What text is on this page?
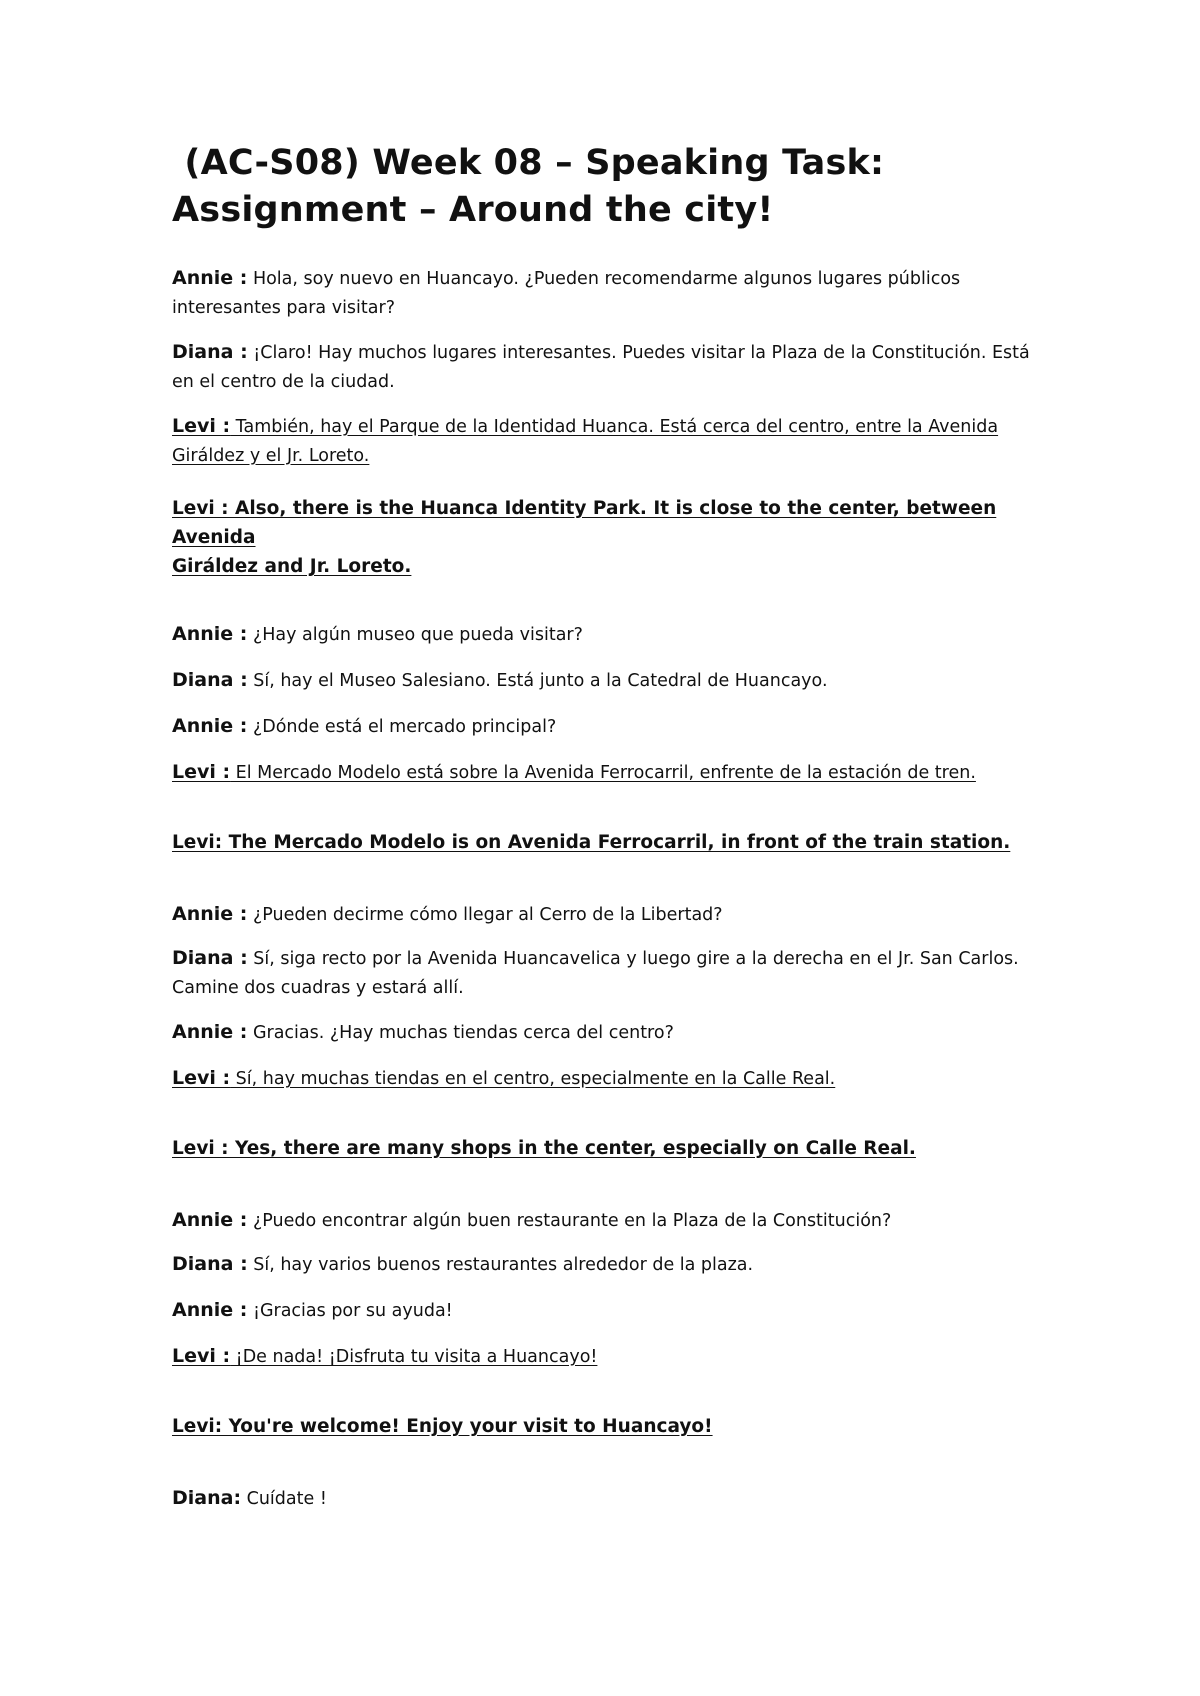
(AC-S08) Week 08 – Speaking Task:
Assignment – Around the city!
Annie : Hola, soy nuevo en Huancayo. ¿Pueden recomendarme algunos lugares públicos interesantes para visitar?
Diana : ¡Claro! Hay muchos lugares interesantes. Puedes visitar la Plaza de la Constitución. Está en el centro de la ciudad.
Levi : También, hay el Parque de la Identidad Huanca. Está cerca del centro, entre la Avenida Giráldez y el Jr. Loreto.
Levi : Also, there is the Huanca Identity Park. It is close to the center, between Avenida
Giráldez and Jr. Loreto.
Annie : ¿Hay algún museo que pueda visitar?
Diana : Sí, hay el Museo Salesiano. Está junto a la Catedral de Huancayo.
Annie : ¿Dónde está el mercado principal?
Levi : El Mercado Modelo está sobre la Avenida Ferrocarril, enfrente de la estación de tren.
Levi: The Mercado Modelo is on Avenida Ferrocarril, in front of the train station.
Annie : ¿Pueden decirme cómo llegar al Cerro de la Libertad?
Diana : Sí, siga recto por la Avenida Huancavelica y luego gire a la derecha en el Jr. San Carlos. Camine dos cuadras y estará allí.
Annie : Gracias. ¿Hay muchas tiendas cerca del centro?
Levi : Sí, hay muchas tiendas en el centro, especialmente en la Calle Real.
Levi : Yes, there are many shops in the center, especially on Calle Real.
Annie : ¿Puedo encontrar algún buen restaurante en la Plaza de la Constitución?
Diana : Sí, hay varios buenos restaurantes alrededor de la plaza.
Annie : ¡Gracias por su ayuda!
Levi : ¡De nada! ¡Disfruta tu visita a Huancayo!
Levi: You're welcome! Enjoy your visit to Huancayo!
Diana: Cuídate !
